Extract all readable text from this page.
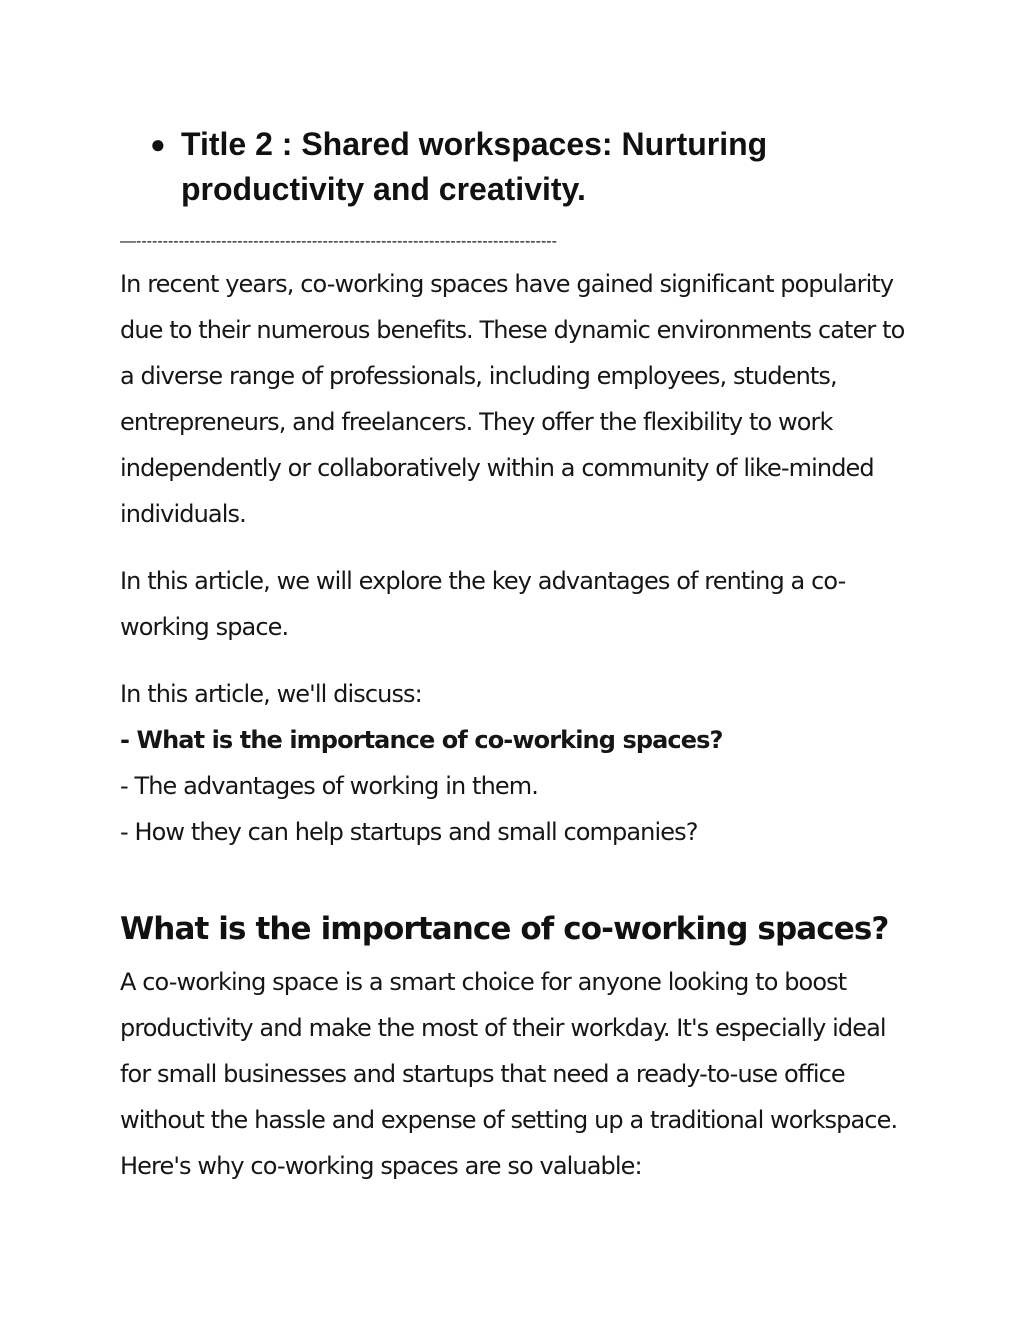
● Title 2 : Shared workspaces: Nurturing productivity and creativity.
—-------------------------------------------------------------------------------

In recent years, co-working spaces have gained significant popularity due to their numerous benefits. These dynamic environments cater to a diverse range of professionals, including employees, students, entrepreneurs, and freelancers. They offer the flexibility to work independently or collaboratively within a community of like-minded individuals.

In this article, we will explore the key advantages of renting a co-working space.

In this article, we'll discuss:
- What is the importance of co-working spaces?
- The advantages of working in them.
- How they can help startups and small companies?
What is the importance of co-working spaces?

A co-working space is a smart choice for anyone looking to boost productivity and make the most of their workday. It's especially ideal for small businesses and startups that need a ready-to-use office without the hassle and expense of setting up a traditional workspace. Here's why co-working spaces are so valuable:
